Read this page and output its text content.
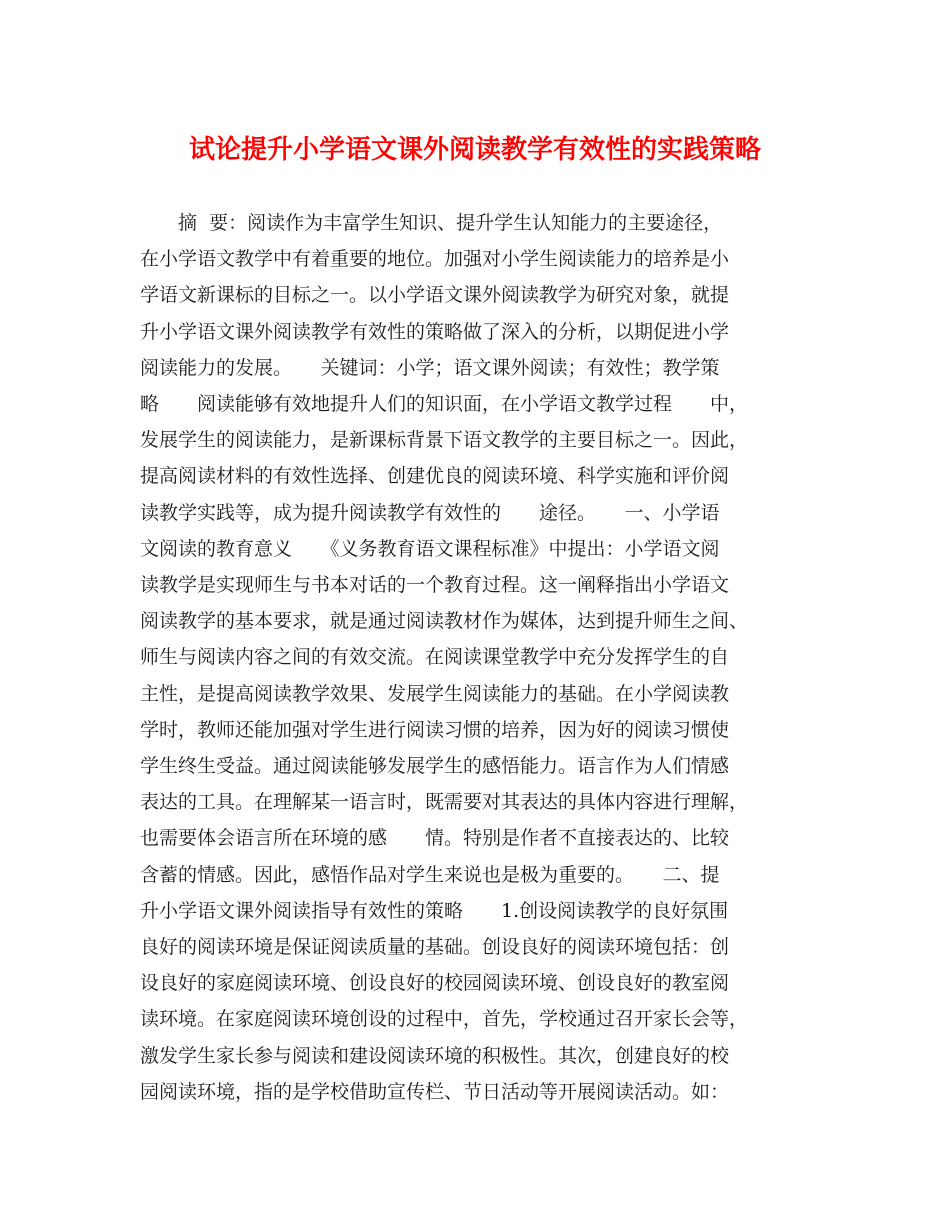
试论提升小学语文课外阅读教学有效性的实践策略
　　摘  要：阅读作为丰富学生知识、提升学生认知能力的主要途径，
在小学语文教学中有着重要的地位。加强对小学生阅读能力的培养是小
学语文新课标的目标之一。以小学语文课外阅读教学为研究对象，就提
升小学语文课外阅读教学有效性的策略做了深入的分析，以期促进小学
阅读能力的发展。　　关键词：小学；语文课外阅读；有效性；教学策
略　　阅读能够有效地提升人们的知识面，在小学语文教学过程　　中，
发展学生的阅读能力，是新课标背景下语文教学的主要目标之一。因此，
提高阅读材料的有效性选择、创建优良的阅读环境、科学实施和评价阅
读教学实践等，成为提升阅读教学有效性的　　途径。　　一、小学语
文阅读的教育意义　　《义务教育语文课程标准》中提出：小学语文阅
读教学是实现师生与书本对话的一个教育过程。这一阐释指出小学语文
阅读教学的基本要求，就是通过阅读教材作为媒体，达到提升师生之间、
师生与阅读内容之间的有效交流。在阅读课堂教学中充分发挥学生的自
主性，是提高阅读教学效果、发展学生阅读能力的基础。在小学阅读教
学时，教师还能加强对学生进行阅读习惯的培养，因为好的阅读习惯使
学生终生受益。通过阅读能够发展学生的感悟能力。语言作为人们情感
表达的工具。在理解某一语言时，既需要对其表达的具体内容进行理解，
也需要体会语言所在环境的感　　情。特别是作者不直接表达的、比较
含蓄的情感。因此，感悟作品对学生来说也是极为重要的。　　二、提
升小学语文课外阅读指导有效性的策略　　1.创设阅读教学的良好氛围
良好的阅读环境是保证阅读质量的基础。创设良好的阅读环境包括：创
设良好的家庭阅读环境、创设良好的校园阅读环境、创设良好的教室阅
读环境。在家庭阅读环境创设的过程中，首先，学校通过召开家长会等，
激发学生家长参与阅读和建设阅读环境的积极性。其次，创建良好的校
园阅读环境，指的是学校借助宣传栏、节日活动等开展阅读活动。如：
